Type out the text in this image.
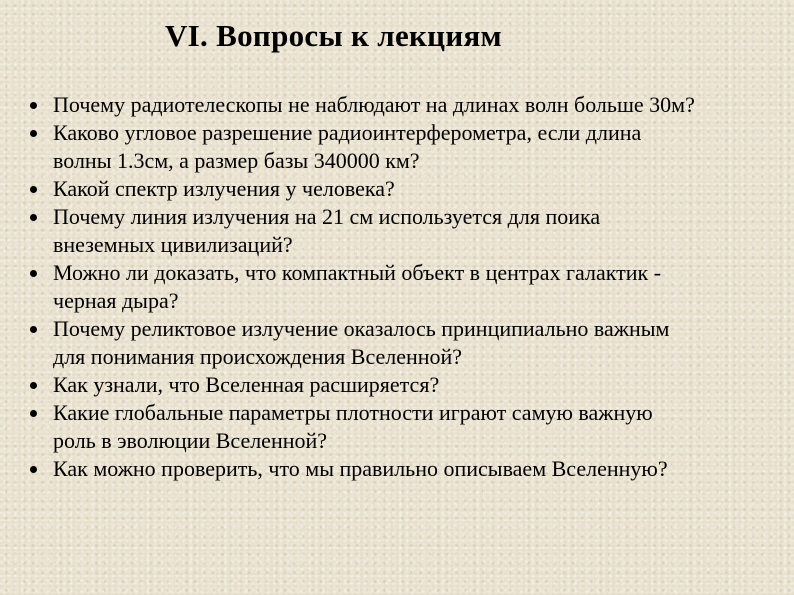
VI. Вопросы к лекциям
Почему радиотелескопы не наблюдают на длинах волн больше 30м?
Каково угловое разрешение радиоинтерферометра, если длина
волны 1.3см, а размер базы 340000 км?
Какой спектр излучения у человека?
Почему линия излучения на 21 см используется для поика
внеземных цивилизаций?
Можно ли доказать, что компактный объект в центрах галактик -
черная дыра?
Почему реликтовое излучение оказалось принципиально важным
для понимания происхождения Вселенной?
Как узнали, что Вселенная расширяется?
Какие глобальные параметры плотности играют самую важную
роль в эволюции Вселенной?
Как можно проверить, что мы правильно описываем Вселенную?
